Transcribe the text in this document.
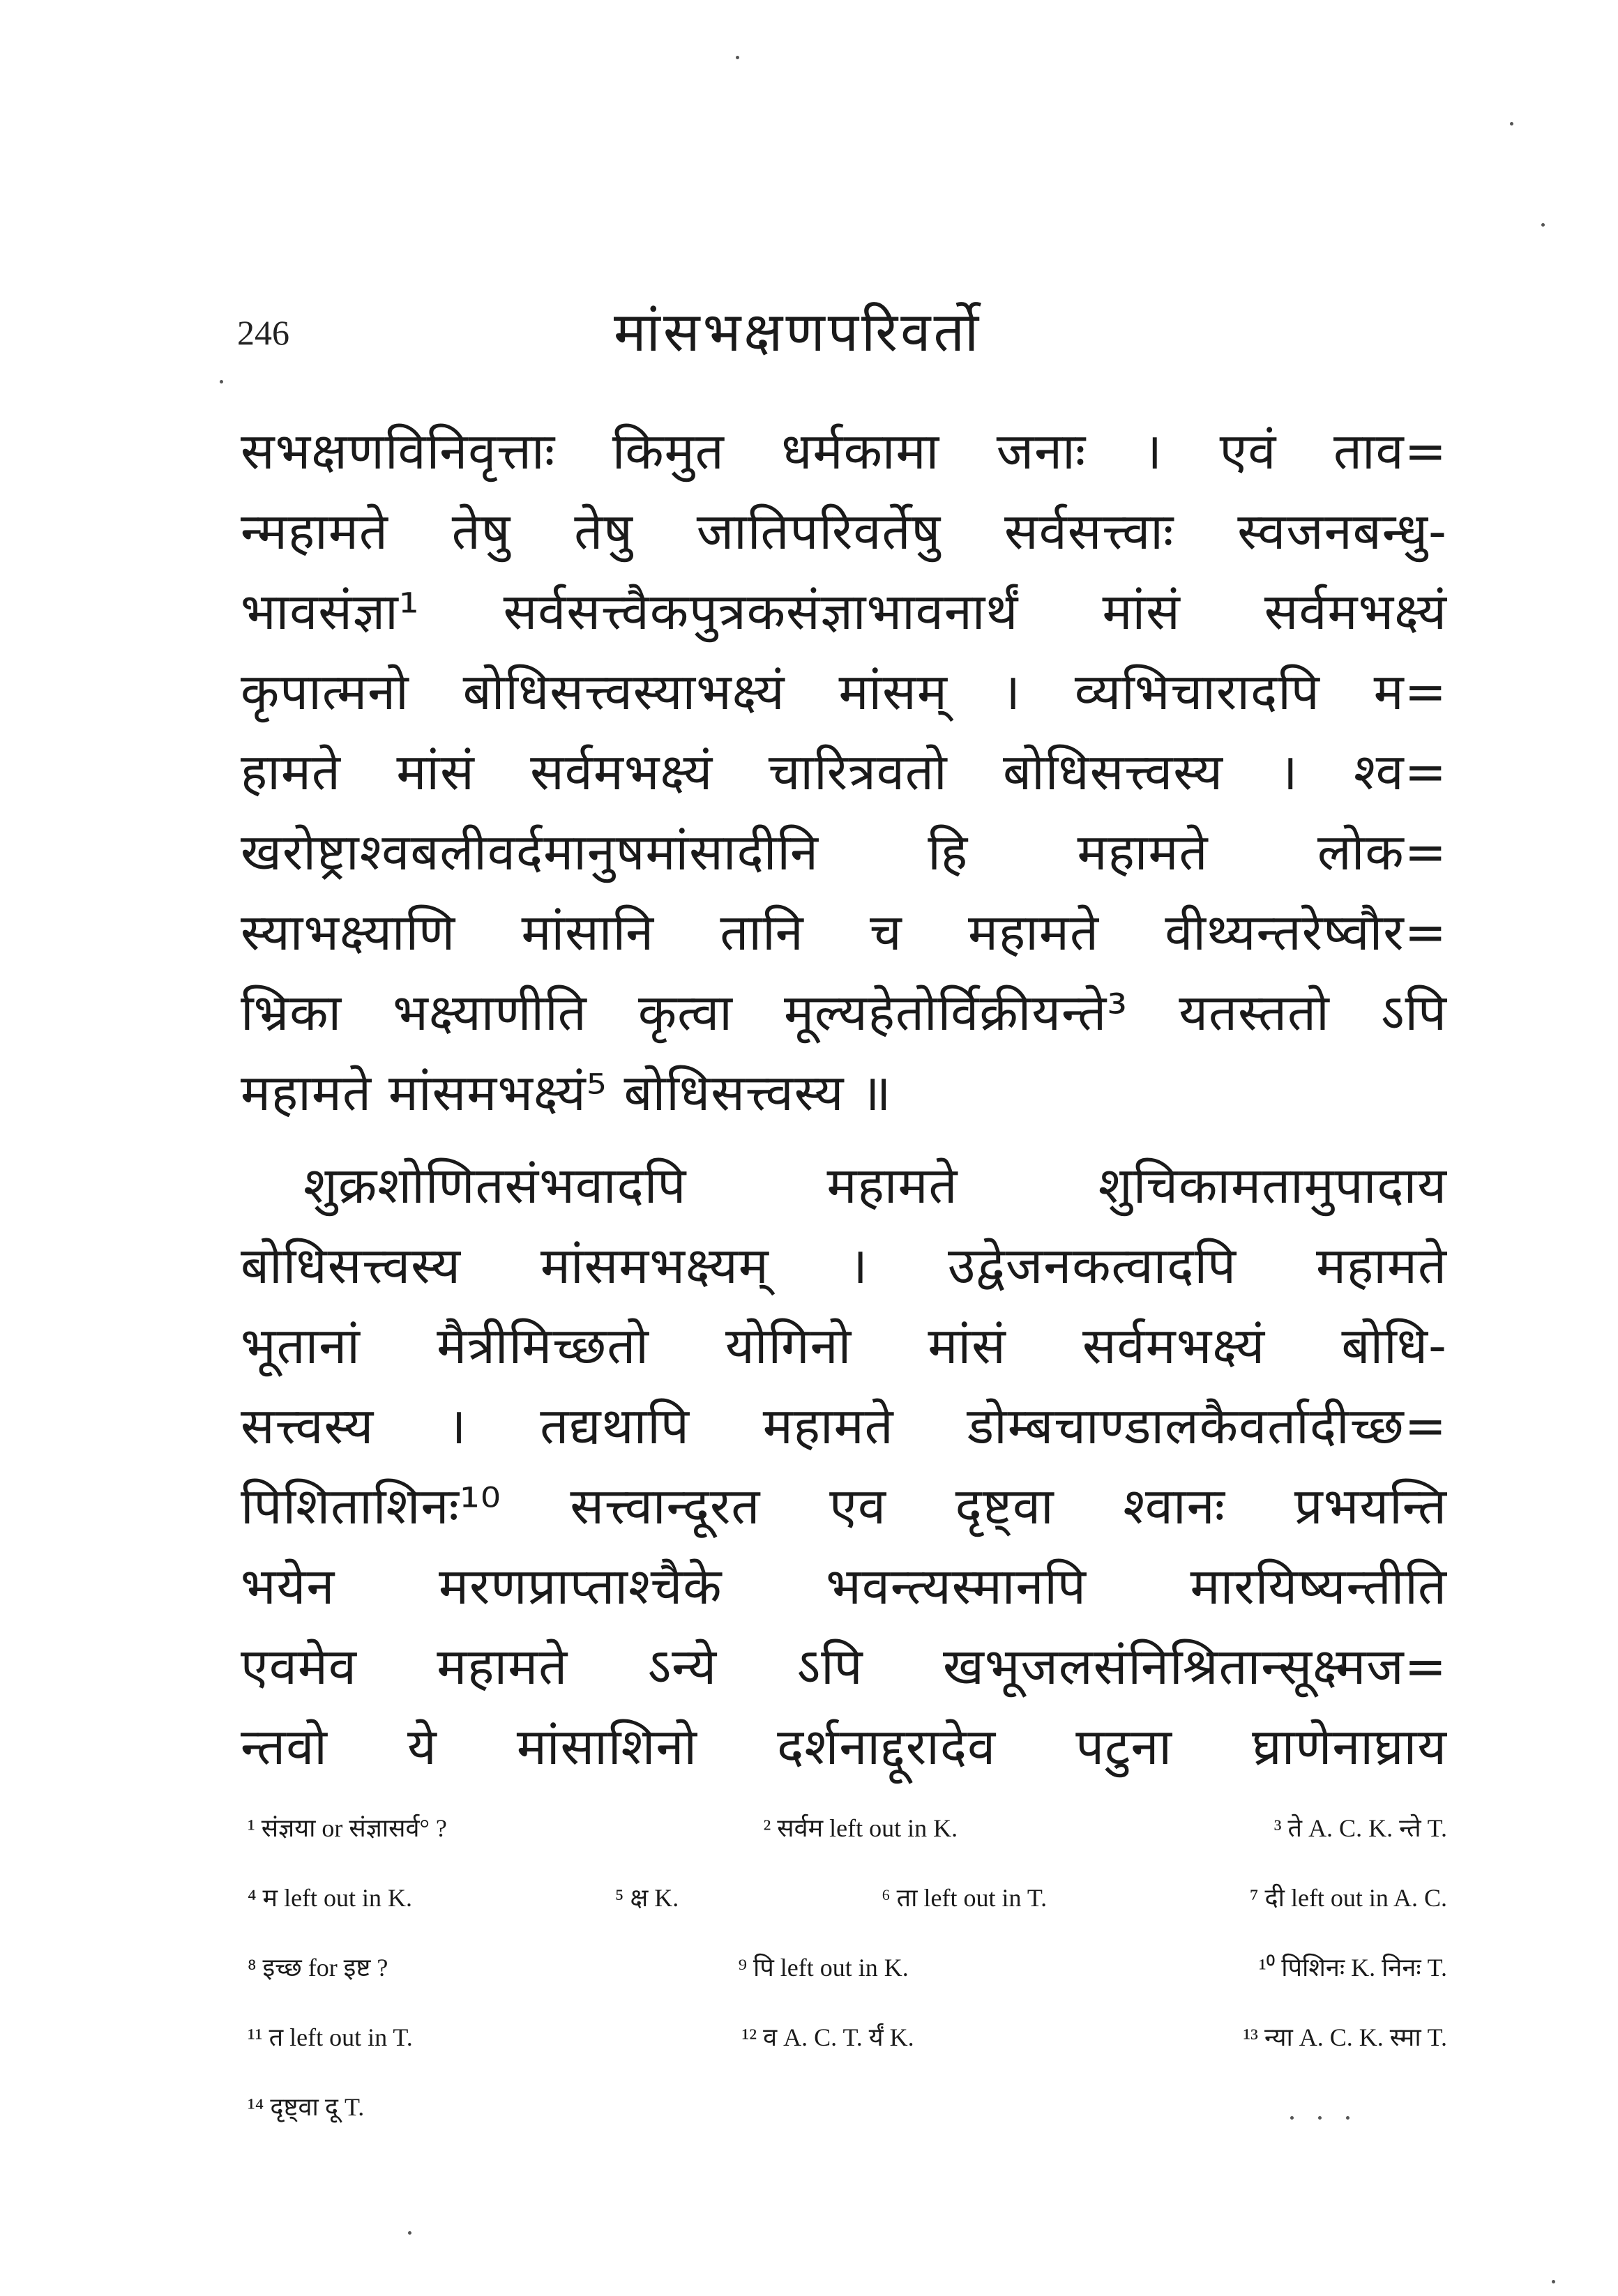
246	मांसभक्षणपरिवर्तो
सभक्षणविनिवृत्ताः किमुत धर्मकामा जनाः । एवं ताव=
न्महामते तेषु तेषु जातिपरिवर्तेषु सर्वसत्त्वाः स्वजनबन्धु-
भावसंज्ञा¹ सर्वसत्त्वैकपुत्रकसंज्ञाभावनार्थं मांसं सर्वमभक्ष्यं
कृपात्मनो बोधिसत्त्वस्याभक्ष्यं मांसम् । व्यभिचारादपि म=
हामते मांसं सर्वमभक्ष्यं चारित्रवतो बोधिसत्त्वस्य । श्व=
खरोष्ट्राश्वबलीवर्दमानुषमांसादीनि हि महामते लोक=
स्याभक्ष्याणि मांसानि तानि च महामते वीथ्यन्तरेष्वौर=
भ्रिका भक्ष्याणीति कृत्वा मूल्यहेतोर्विक्रीयन्ते³ यतस्ततो ऽपि
महामते मांसमभक्ष्यं⁵ बोधिसत्त्वस्य ॥
शुक्रशोणितसंभवादपि महामते शुचिकामतामुपादाय
बोधिसत्त्वस्य मांसमभक्ष्यम् । उद्वेजनकत्वादपि महामते
भूतानां मैत्रीमिच्छतो योगिनो मांसं सर्वमभक्ष्यं बोधि-
सत्त्वस्य । तद्यथापि महामते डोम्बचाण्डालकैवर्तादीच्छ=
पिशिताशिनः¹⁰ सत्त्वान्दूरत एव दृष्ट्वा श्वानः प्रभयन्ति
भयेन मरणप्राप्ताश्चैके भवन्त्यस्मानपि मारयिष्यन्तीति
एवमेव महामते ऽन्ये ऽपि खभूजलसंनिश्रितान्सूक्ष्मज=
न्तवो ये मांसाशिनो दर्शनाद्दूरादेव पटुना घ्राणेनाघ्राय
¹ संज्ञया or संज्ञासर्व° ?	² सर्वम left out in K.	³ ते A. C. K. न्ते T.
⁴ म left out in K.	⁵ क्ष K.	⁶ ता left out in T.	⁷ दी left out in A. C.
⁸ इच्छ for इष्ट ?	⁹ पि left out in K.	¹⁰ पिशिनः K. निनः T.
¹¹ त left out in T.	¹² व A. C. T. र्यं K.	¹³ न्या A. C. K. स्मा T.
¹⁴ दृष्ट्वा दू T.
